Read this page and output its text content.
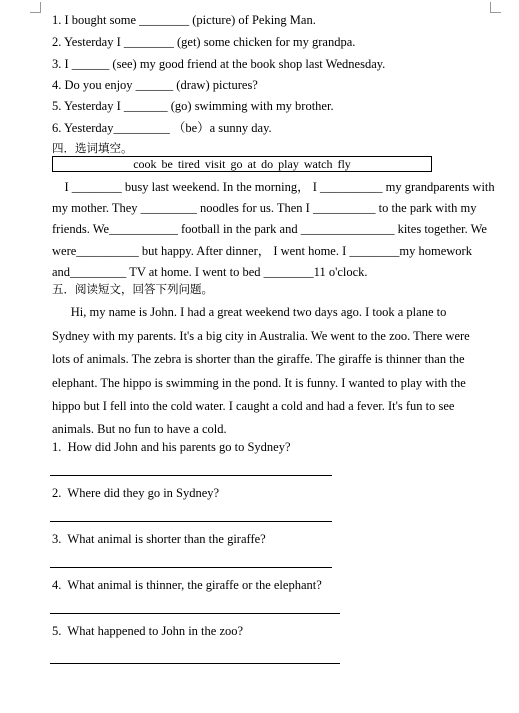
1. I bought some ________ (picture) of Peking Man.
2. Yesterday I ________ (get) some chicken for my grandpa.
3. I ______ (see) my good friend at the book shop last Wednesday.
4. Do you enjoy ______ (draw) pictures?
5. Yesterday I _______ (go) swimming with my brother.
6. Yesterday_________ （be）a sunny day.
四．选词填空。
cook be tired visit go at do play watch fly
I ________ busy last weekend. In the morning， I __________ my grandparents with
my mother. They _________ noodles for us. Then I __________ to the park with my
friends. We___________ football in the park and _______________ kites together. We
were__________ but happy. After dinner， I went home. I ________my homework
and_________ TV at home. I went to bed ________11 o'clock.
五．阅读短文，回答下列问题。
Hi, my name is John. I had a great weekend two days ago. I took a plane to
Sydney with my parents. It's a big city in Australia. We went to the zoo. There were
lots of animals. The zebra is shorter than the giraffe. The giraffe is thinner than the
elephant. The hippo is swimming in the pond. It is funny. I wanted to play with the
hippo but I fell into the cold water. I caught a cold and had a fever. It's fun to see
animals. But no fun to have a cold.
1.  How did John and his parents go to Sydney?
2.  Where did they go in Sydney?
3.  What animal is shorter than the giraffe?
4.  What animal is thinner, the giraffe or the elephant?
5.  What happened to John in the zoo?
